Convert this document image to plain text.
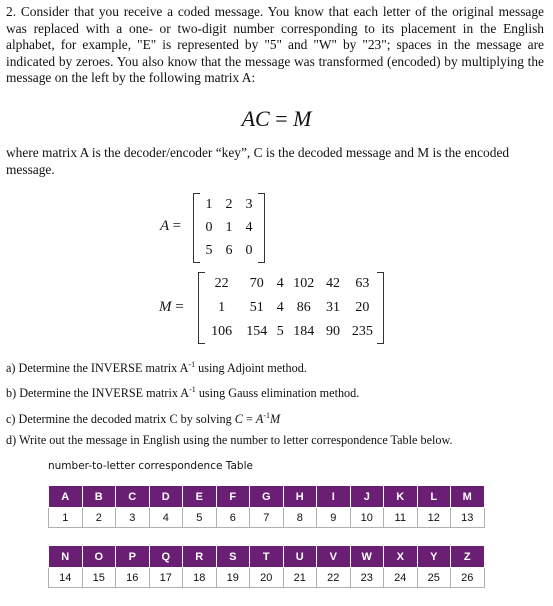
2. Consider that you receive a coded message. You know that each letter of the original message was replaced with a one- or two-digit number corresponding to its placement in the English alphabet, for example, "E" is represented by "5" and "W" by "23"; spaces in the message are indicated by zeroes. You also know that the message was transformed (encoded) by multiplying the message on the left by the following matrix A:

AC = M

where matrix A is the decoder/encoder “key”, C is the decoded message and M is the encoded message.

A =
1	2	3
0	1	4
5	6	0
M =
22	70	4	102	42	63
1	51	4	86	31	20
106	154	5	184	90	235
a) Determine the INVERSE matrix $A^{-1}$ using Adjoint method.
b) Determine the INVERSE matrix $A^{-1}$ using Gauss elimination method.
c) Determine the decoded matrix C by solving $C = A^{-1}M$
d) Write out the message in English using the number to letter correspondence Table below.
number-to-letter correspondence Table
A	B	C	D	E	F	G	H	I	J	K	L	M
1	2	3	4	5	6	7	8	9	10	11	12	13
N	O	P	Q	R	S	T	U	V	W	X	Y	Z
14	15	16	17	18	19	20	21	22	23	24	25	26
